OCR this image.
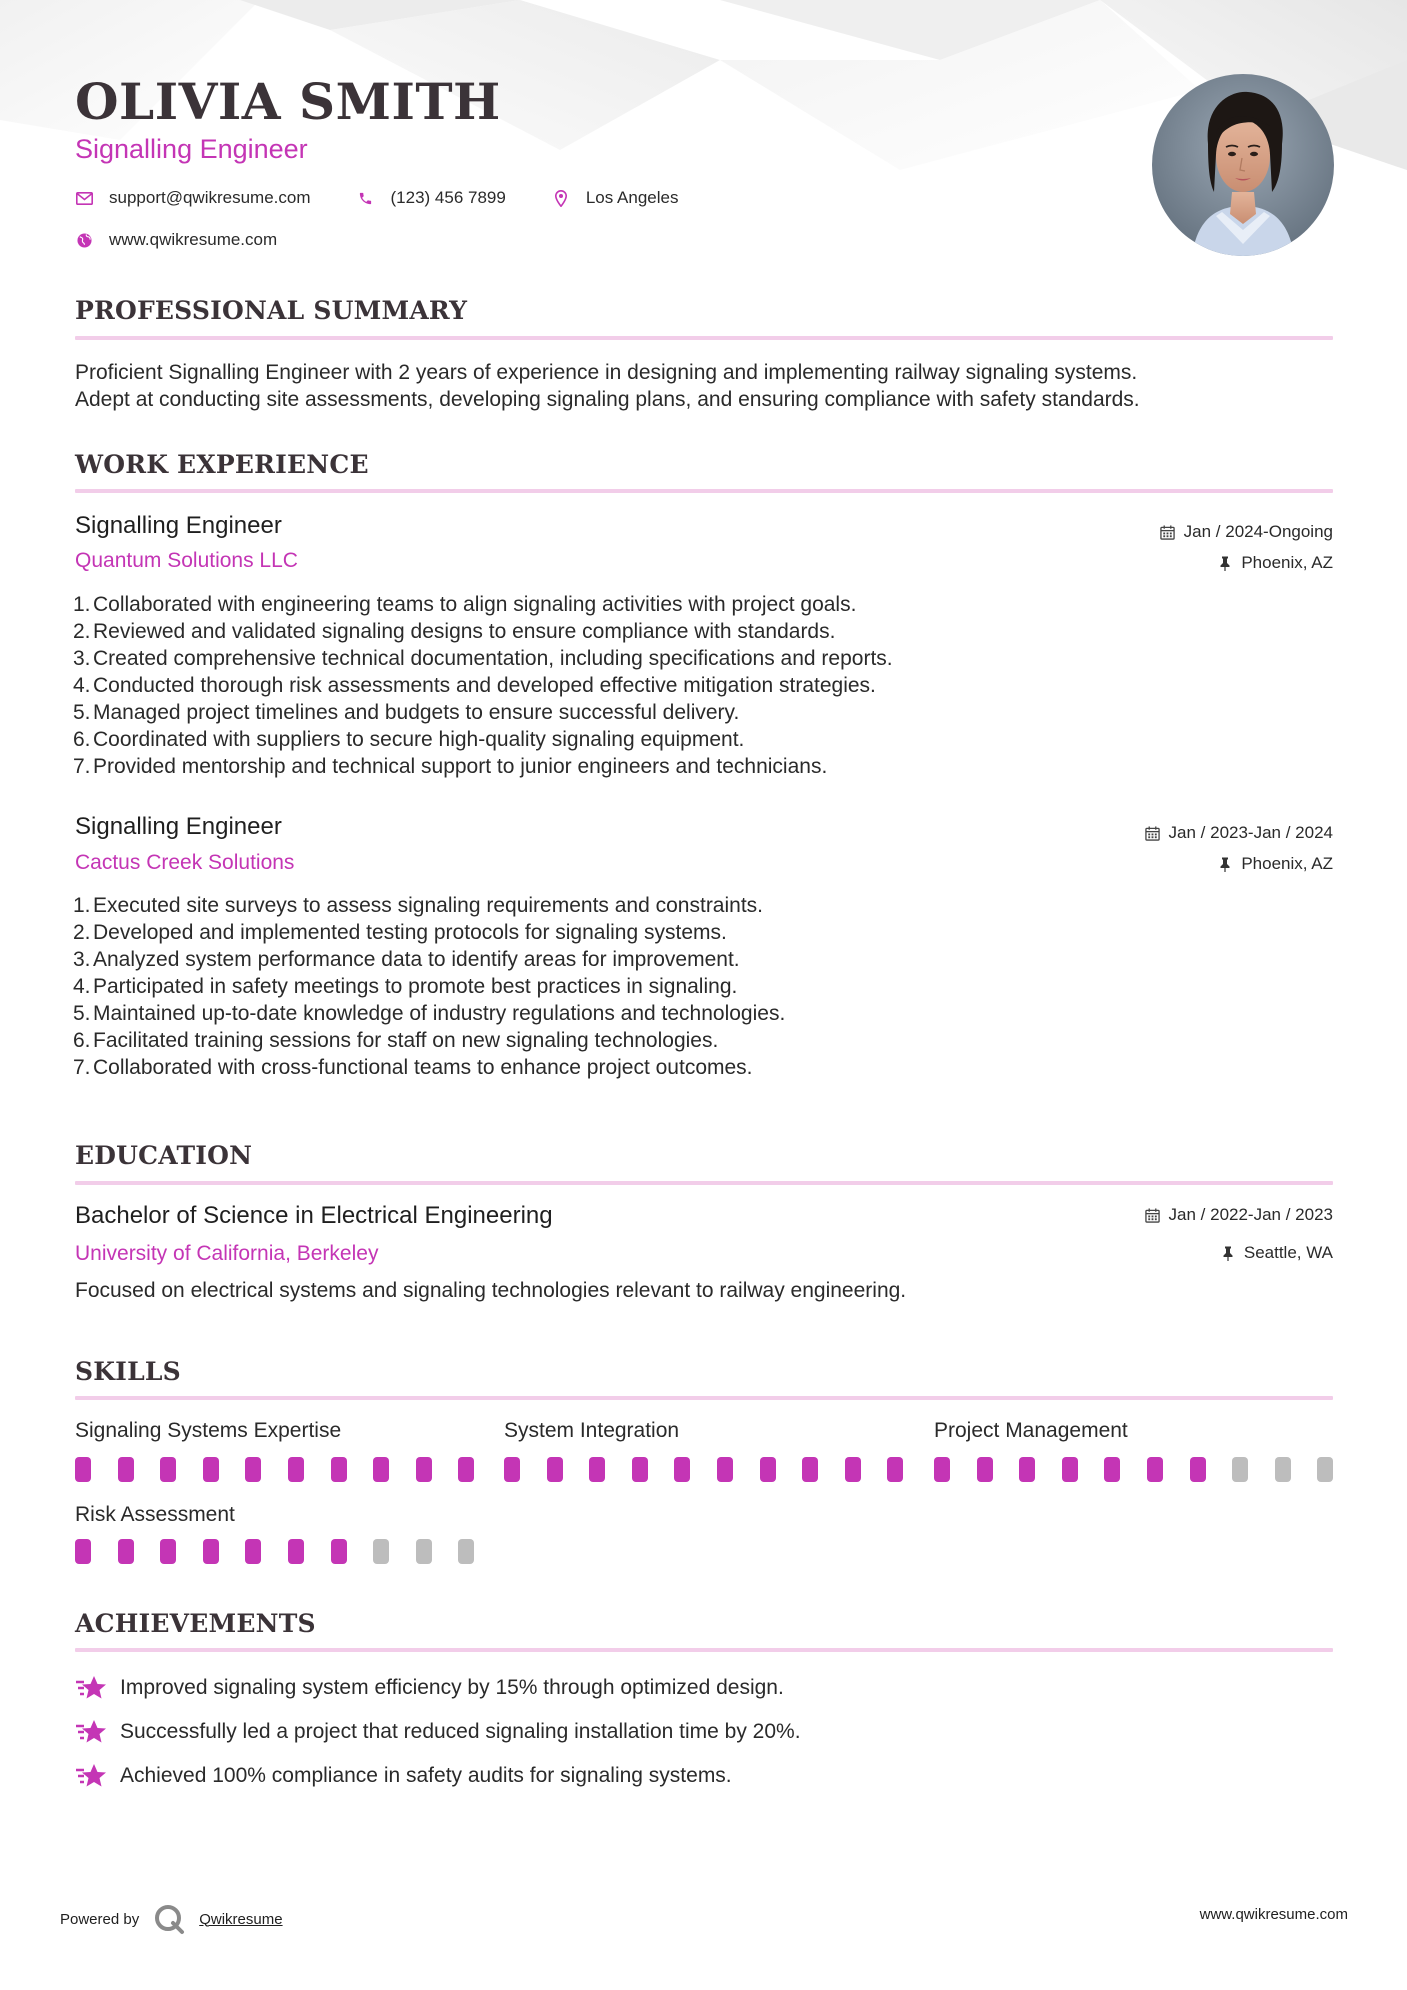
OLIVIA SMITH
Signalling Engineer
support@qwikresume.com	(123) 456 7899	Los Angeles
www.qwikresume.com
PROFESSIONAL SUMMARY
Proficient Signalling Engineer with 2 years of experience in designing and implementing railway signaling systems.
Adept at conducting site assessments, developing signaling plans, and ensuring compliance with safety standards.
WORK EXPERIENCE
Signalling Engineer	Jan / 2024-Ongoing
Quantum Solutions LLC	Phoenix, AZ
1. Collaborated with engineering teams to align signaling activities with project goals.
2. Reviewed and validated signaling designs to ensure compliance with standards.
3. Created comprehensive technical documentation, including specifications and reports.
4. Conducted thorough risk assessments and developed effective mitigation strategies.
5. Managed project timelines and budgets to ensure successful delivery.
6. Coordinated with suppliers to secure high-quality signaling equipment.
7. Provided mentorship and technical support to junior engineers and technicians.
Signalling Engineer	Jan / 2023-Jan / 2024
Cactus Creek Solutions	Phoenix, AZ
1. Executed site surveys to assess signaling requirements and constraints.
2. Developed and implemented testing protocols for signaling systems.
3. Analyzed system performance data to identify areas for improvement.
4. Participated in safety meetings to promote best practices in signaling.
5. Maintained up-to-date knowledge of industry regulations and technologies.
6. Facilitated training sessions for staff on new signaling technologies.
7. Collaborated with cross-functional teams to enhance project outcomes.
EDUCATION
Bachelor of Science in Electrical Engineering	Jan / 2022-Jan / 2023
University of California, Berkeley	Seattle, WA
Focused on electrical systems and signaling technologies relevant to railway engineering.
SKILLS
Signaling Systems Expertise	System Integration	Project Management
Risk Assessment
ACHIEVEMENTS
Improved signaling system efficiency by 15% through optimized design.
Successfully led a project that reduced signaling installation time by 20%.
Achieved 100% compliance in safety audits for signaling systems.
Powered by	Qwikresume	www.qwikresume.com
